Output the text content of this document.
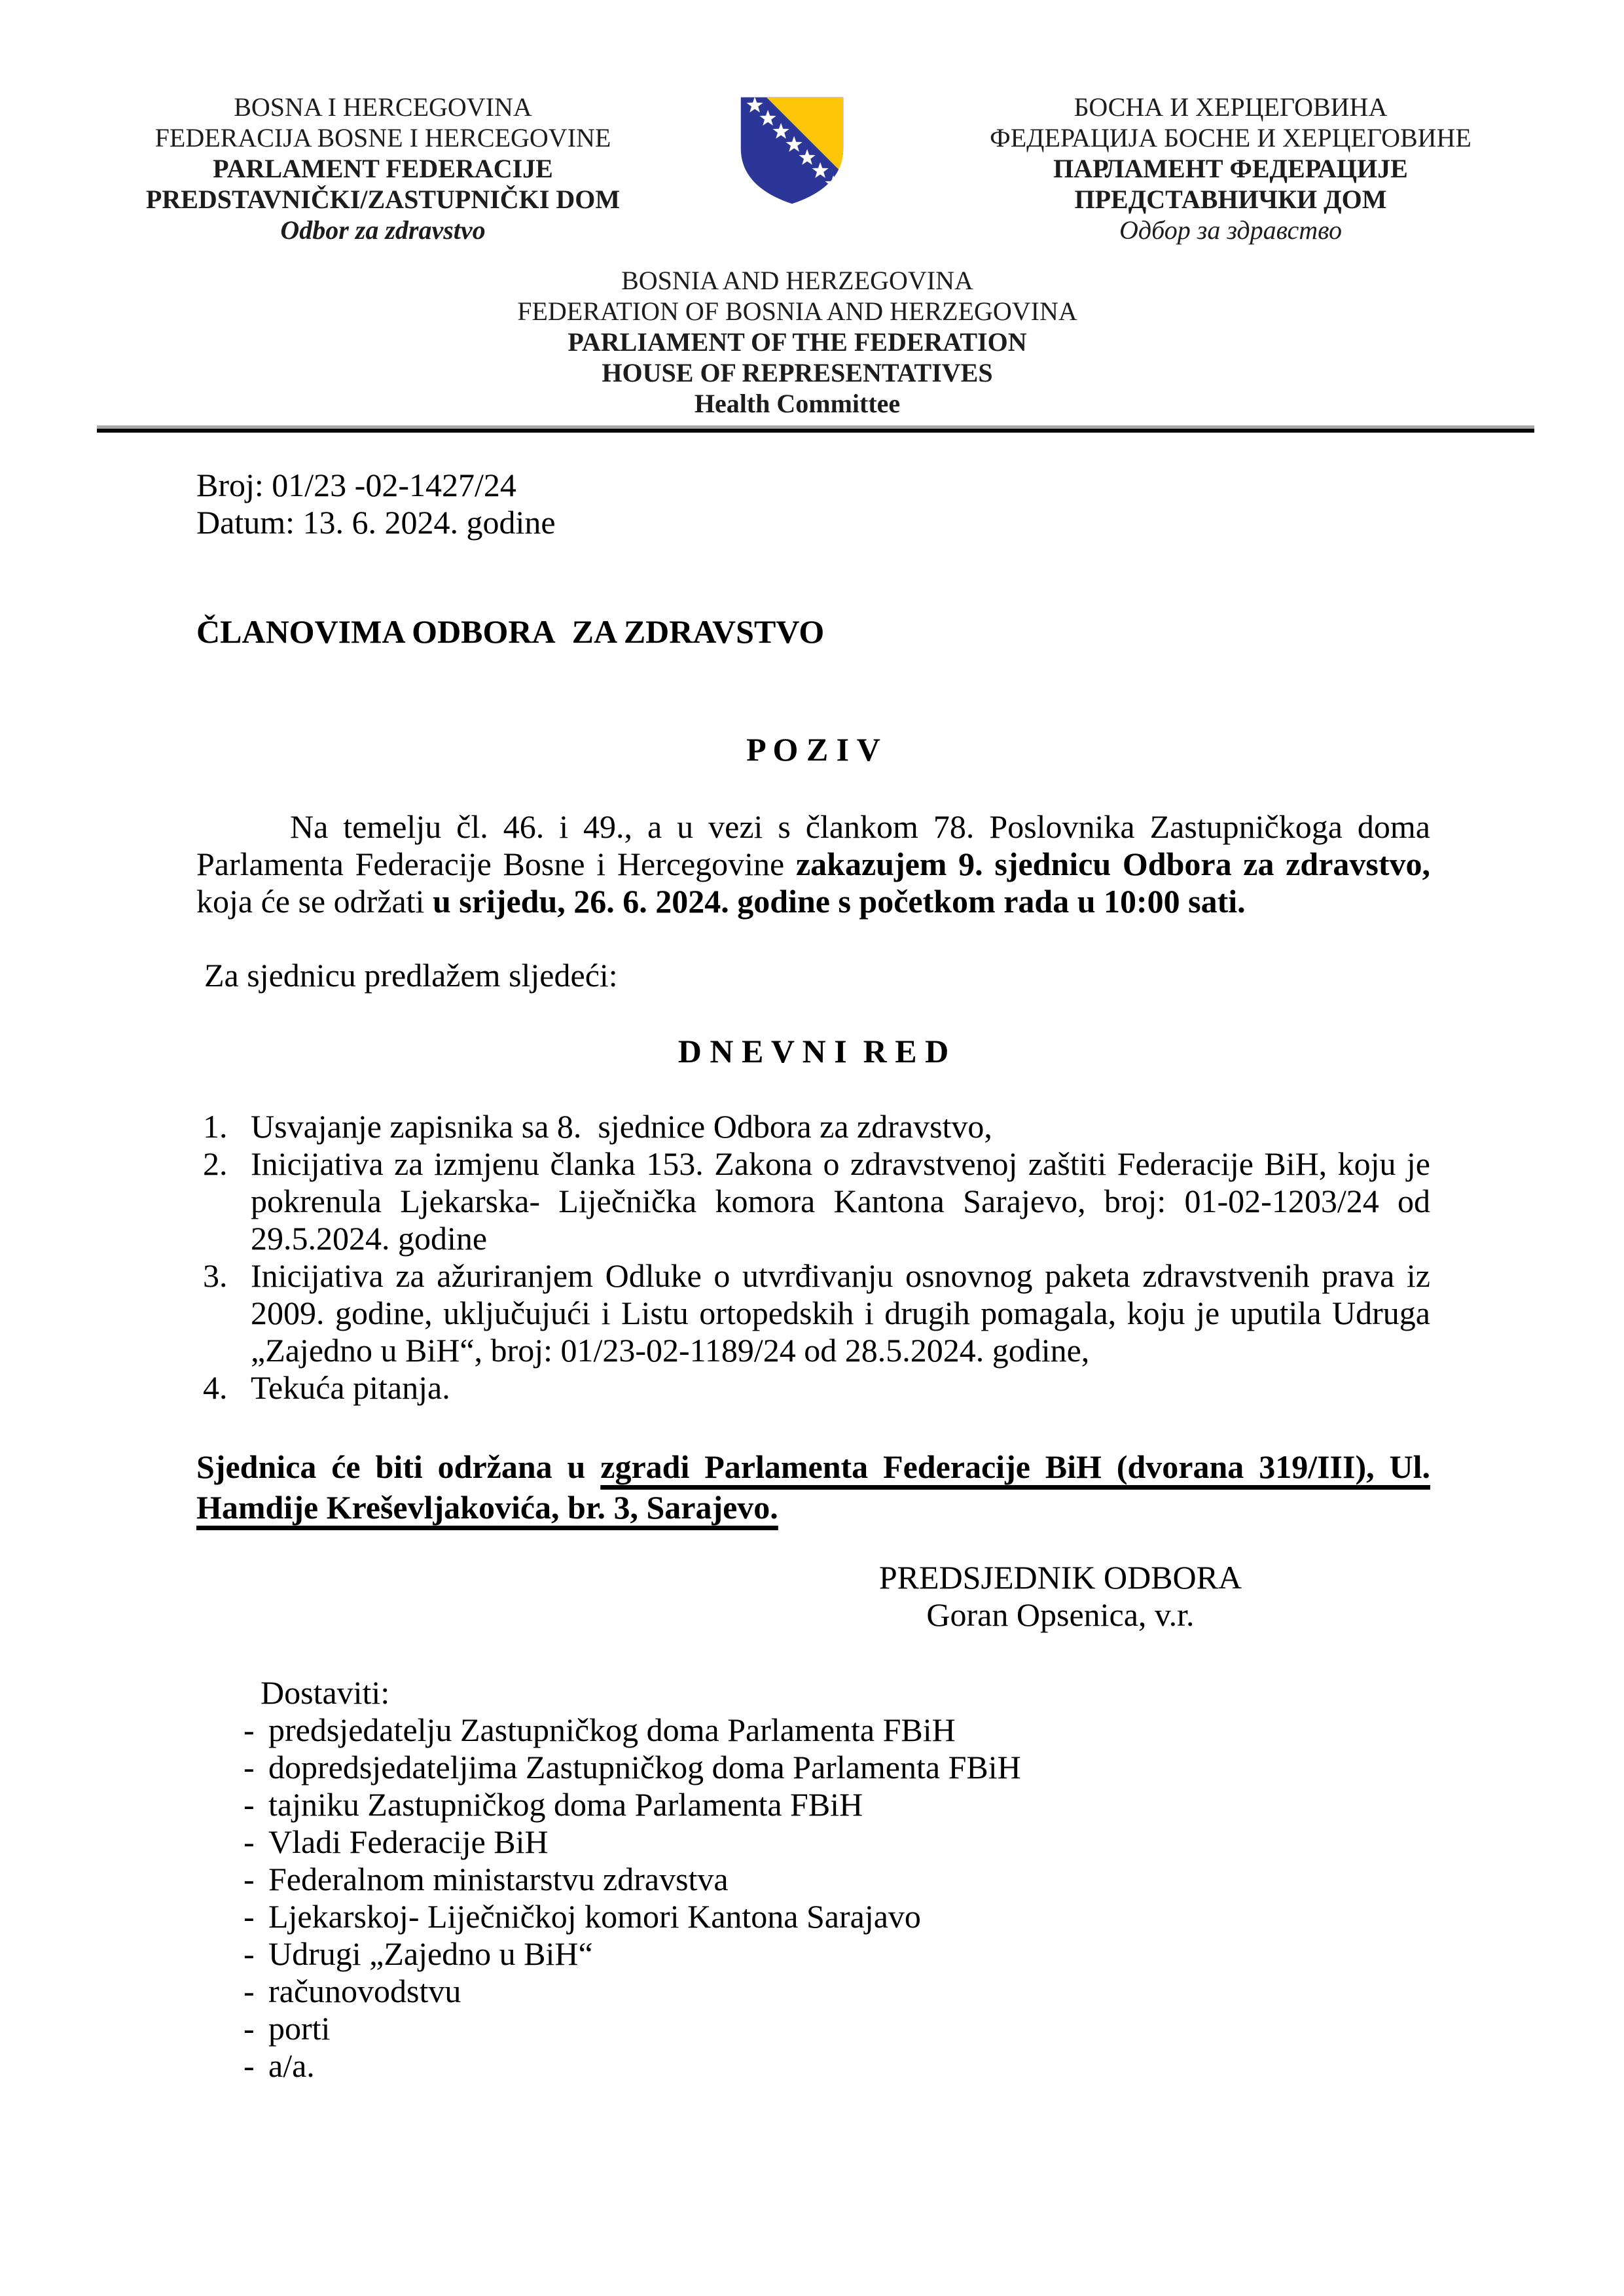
BOSNA I HERCEGOVINA
FEDERACIJA BOSNE I HERCEGOVINE
PARLAMENT FEDERACIJE
PREDSTAVNIČKI/ZASTUPNIČKI DOM
Odbor za zdravstvo
БОСНА И ХЕРЦЕГОВИНА
ФЕДЕРАЦИЈА БОСНЕ И ХЕРЦЕГОВИНЕ
ПАРЛАМЕНТ ФЕДЕРАЦИЈЕ
ПРЕДСТАВНИЧКИ ДОМ
Одбор за здравство
BOSNIA AND HERZEGOVINA
FEDERATION OF BOSNIA AND HERZEGOVINA
PARLIAMENT OF THE FEDERATION
HOUSE OF REPRESENTATIVES
Health Committee
Broj: 01/23 -02-1427/24
Datum: 13. 6. 2024. godine
ČLANOVIMA ODBORA  ZA ZDRAVSTVO
P O Z I V
Na temelju čl. 46. i 49., a u vezi s člankom 78. Poslovnika Zastupničkoga doma
Parlamenta Federacije Bosne i Hercegovine zakazujem 9. sjednicu Odbora za zdravstvo,
koja će se održati u srijedu, 26. 6. 2024. godine s početkom rada u 10:00 sati.
Za sjednicu predlažem sljedeći:
D N E V N I  R E D
1. Usvajanje zapisnika sa 8.  sjednice Odbora za zdravstvo,
2. Inicijativa za izmjenu članka 153. Zakona o zdravstvenoj zaštiti Federacije BiH, koju je
pokrenula Ljekarska- Liječnička komora Kantona Sarajevo, broj: 01-02-1203/24 od
29.5.2024. godine
3. Inicijativa za ažuriranjem Odluke o utvrđivanju osnovnog paketa zdravstvenih prava iz
2009. godine, uključujući i Listu ortopedskih i drugih pomagala, koju je uputila Udruga
„Zajedno u BiH“, broj: 01/23-02-1189/24 od 28.5.2024. godine,
4. Tekuća pitanja.
Sjednica će biti održana u zgradi Parlamenta Federacije BiH (dvorana 319/III), Ul.
Hamdije Kreševljakovića, br. 3, Sarajevo.
PREDSJEDNIK ODBORA
Goran Opsenica, v.r.
Dostaviti:
- predsjedatelju Zastupničkog doma Parlamenta FBiH
- dopredsjedateljima Zastupničkog doma Parlamenta FBiH
- tajniku Zastupničkog doma Parlamenta FBiH
- Vladi Federacije BiH
- Federalnom ministarstvu zdravstva
- Ljekarskoj- Liječničkoj komori Kantona Sarajavo
- Udrugi „Zajedno u BiH“
- računovodstvu
- porti
- a/a.
